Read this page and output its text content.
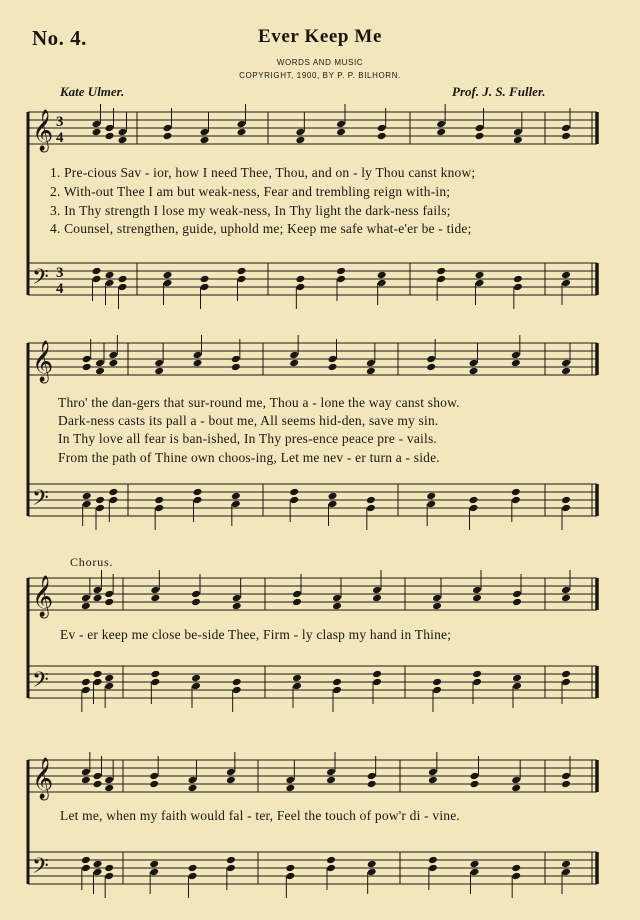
No. 4.	Ever Keep Me
WORDS AND MUSIC
COPYRIGHT, 1900, BY P. P. BILHORN.
Kate Ulmer.	Prof. J. S. Fuller.
𝄞
𝄢
3
4
3
4
𝄞
𝄢
𝄞
𝄢
𝄞
𝄢
1. Pre-cious Sav - ior, how I need Thee, Thou, and on - ly Thou canst know;
2. With-out Thee I am but weak-ness, Fear and trembling reign with-in;
3. In Thy strength I lose my weak-ness, In Thy light the dark-ness fails;
4. Counsel, strengthen, guide, uphold me; Keep me safe what-e'er be - tide;
Thro' the dan-gers that sur-round me, Thou a - lone the way canst show.
Dark-ness casts its pall a - bout me, All seems hid-den, save my sin.
In Thy love all fear is ban-ished, In Thy pres-ence peace pre - vails.
From the path of Thine own choos-ing, Let me nev - er turn a - side.
Chorus.
Ev - er keep me close be-side Thee, Firm - ly clasp my hand in Thine;
Let me, when my faith would fal - ter, Feel the touch of pow'r di - vine.
